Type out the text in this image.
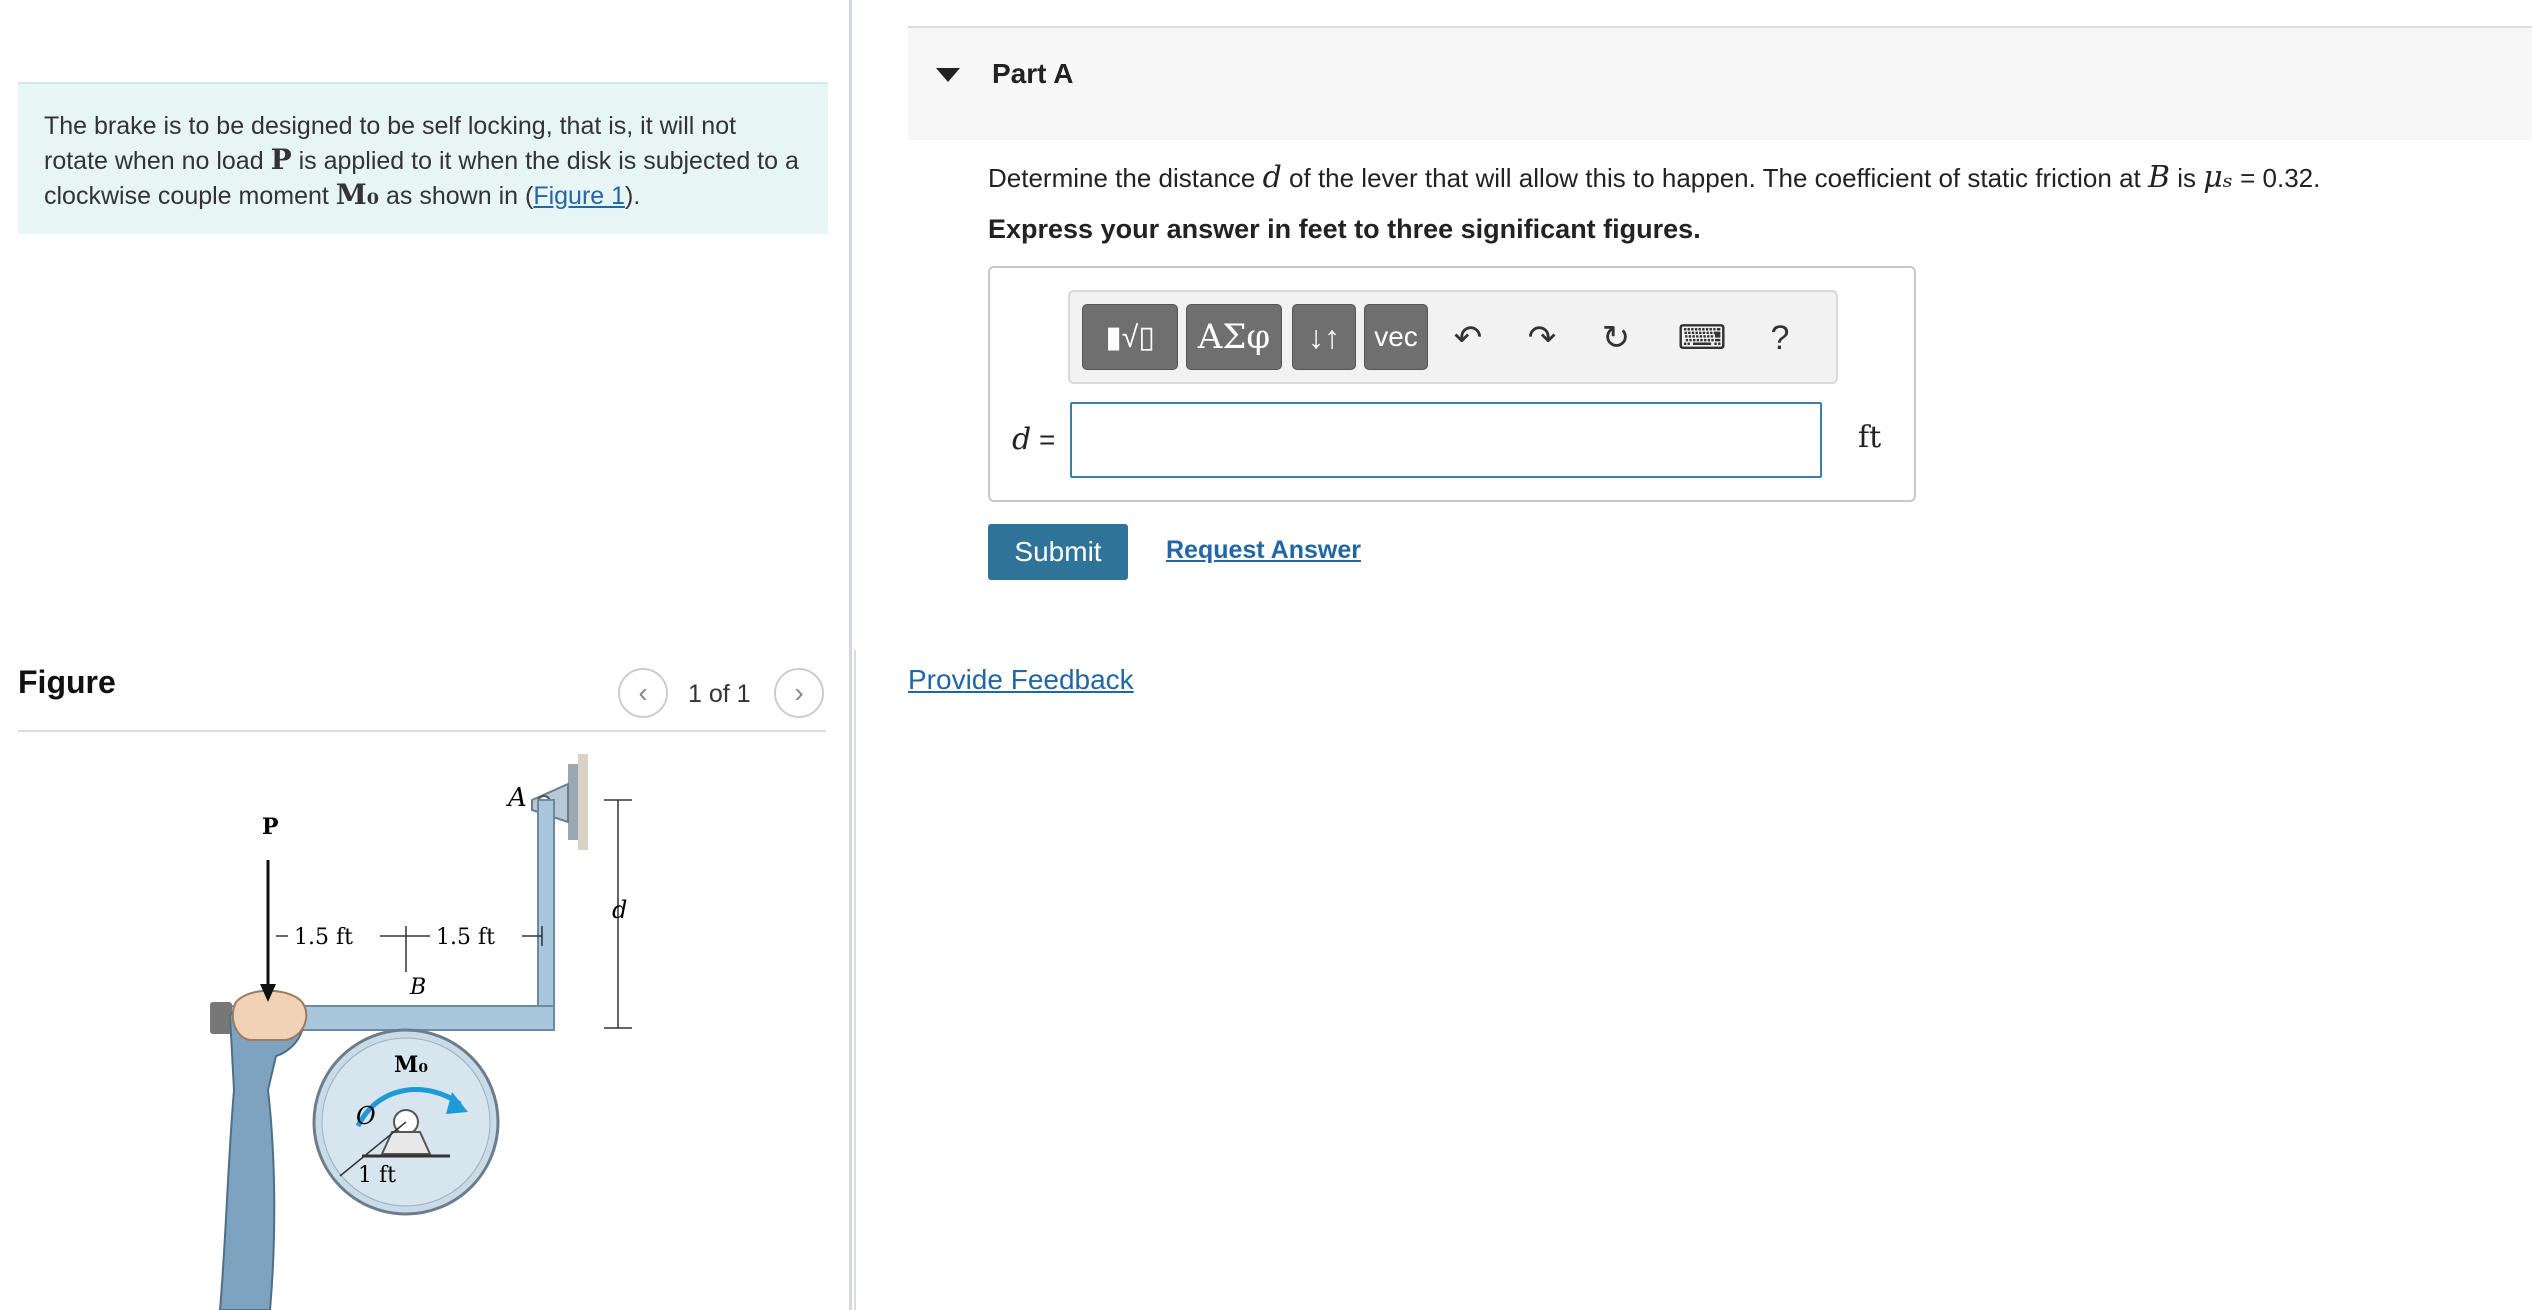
The brake is to be designed to be self locking, that is, it will not rotate when no load P is applied to it when the disk is subjected to a clockwise couple moment M₀ as shown in (Figure 1).
Figure	‹ 1 of 1 ›
P
1.5 ft	1.5 ft
B
d
A
M₀
O
1 ft
Part A
Determine the distance d of the lever that will allow this to happen. The coefficient of static friction at B is μₛ = 0.32.
Express your answer in feet to three significant figures.
▮√▯ ΑΣφ ↓↑ vec ↶ ↷ ↻ ⌨ ?
d =	ft
Submit	Request Answer
Provide Feedback
